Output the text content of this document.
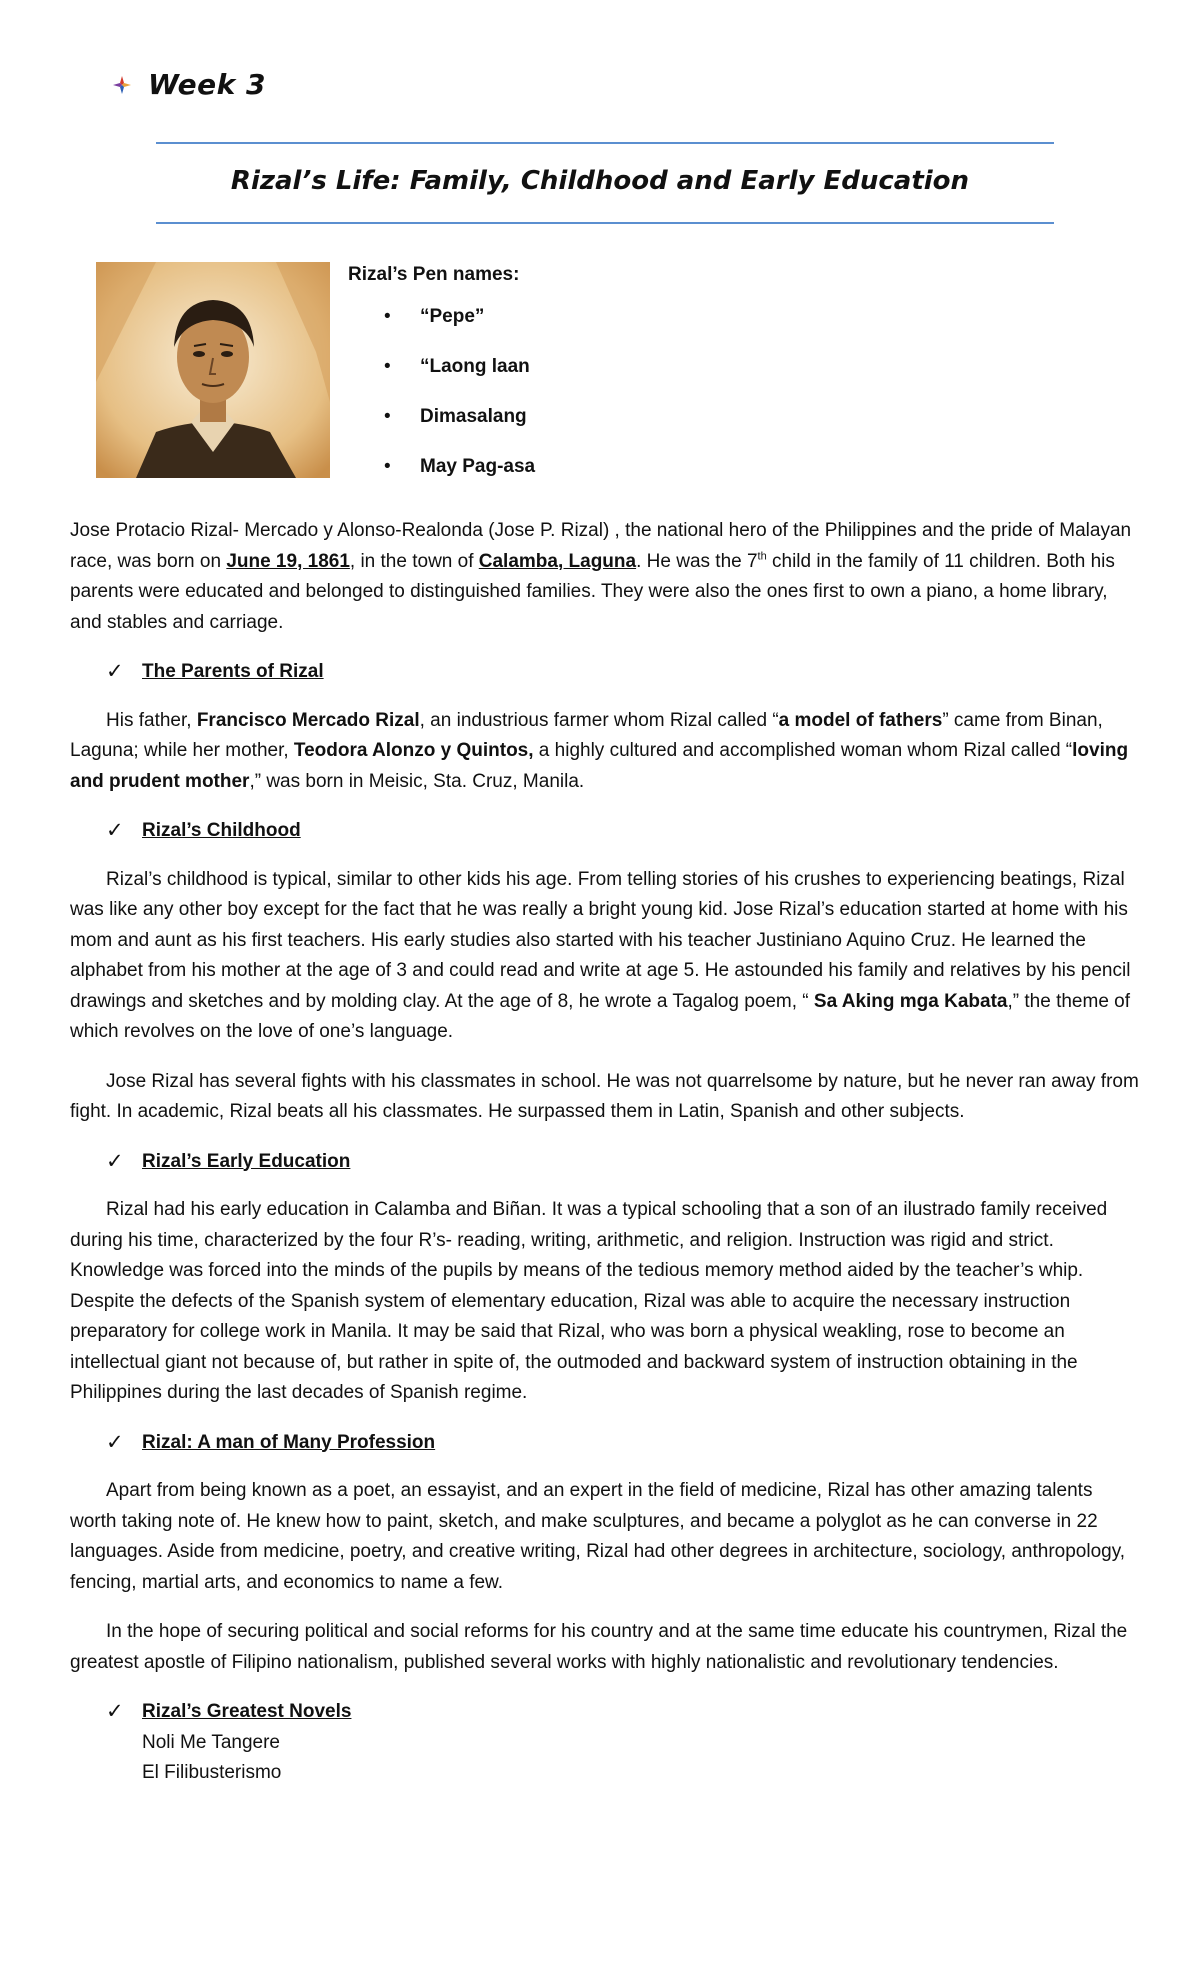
Week 3
Rizal’s Life: Family, Childhood and Early Education
Rizal’s Pen names:
•	“Pepe”
•	“Laong laan
•	Dimasalang
•	May Pag-asa

Jose Protacio Rizal- Mercado y Alonso-Realonda (Jose P. Rizal) , the national hero of the Philippines and the pride of Malayan race, was born on June 19, 1861, in the town of Calamba, Laguna. He was the 7th child in the family of 11 children. Both his parents were educated and belonged to distinguished families. They were also the ones first to own a piano, a home library, and stables and carriage.

✓ The Parents of Rizal

His father, Francisco Mercado Rizal, an industrious farmer whom Rizal called “a model of fathers” came from Binan, Laguna; while her mother, Teodora Alonzo y Quintos, a highly cultured and accomplished woman whom Rizal called “loving and prudent mother,” was born in Meisic, Sta. Cruz, Manila.

✓ Rizal’s Childhood

Rizal’s childhood is typical, similar to other kids his age. From telling stories of his crushes to experiencing beatings, Rizal was like any other boy except for the fact that he was really a bright young kid. Jose Rizal’s education started at home with his mom and aunt as his first teachers. His early studies also started with his teacher Justiniano Aquino Cruz. He learned the alphabet from his mother at the age of 3 and could read and write at age 5. He astounded his family and relatives by his pencil drawings and sketches and by molding clay. At the age of 8, he wrote a Tagalog poem, “ Sa Aking mga Kabata,” the theme of which revolves on the love of one’s language.

Jose Rizal has several fights with his classmates in school. He was not quarrelsome by nature, but he never ran away from fight. In academic, Rizal beats all his classmates. He surpassed them in Latin, Spanish and other subjects.

✓ Rizal’s Early Education

Rizal had his early education in Calamba and Biñan. It was a typical schooling that a son of an ilustrado family received during his time, characterized by the four R’s- reading, writing, arithmetic, and religion. Instruction was rigid and strict. Knowledge was forced into the minds of the pupils by means of the tedious memory method aided by the teacher’s whip. Despite the defects of the Spanish system of elementary education, Rizal was able to acquire the necessary instruction preparatory for college work in Manila. It may be said that Rizal, who was born a physical weakling, rose to become an intellectual giant not because of, but rather in spite of, the outmoded and backward system of instruction obtaining in the Philippines during the last decades of Spanish regime.

✓ Rizal: A man of Many Profession

Apart from being known as a poet, an essayist, and an expert in the field of medicine, Rizal has other amazing talents worth taking note of. He knew how to paint, sketch, and make sculptures, and became a polyglot as he can converse in 22 languages. Aside from medicine, poetry, and creative writing, Rizal had other degrees in architecture, sociology, anthropology, fencing, martial arts, and economics to name a few.

In the hope of securing political and social reforms for his country and at the same time educate his countrymen, Rizal the greatest apostle of Filipino nationalism, published several works with highly nationalistic and revolutionary tendencies.

✓ Rizal’s Greatest Novels
Noli Me Tangere
El Filibusterismo
